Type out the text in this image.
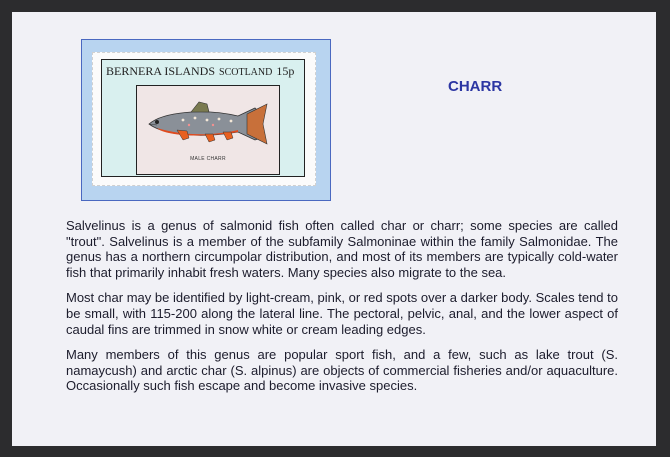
BERNERA ISLANDS SCOTLAND 15p
MALE CHARR
CHARR

Salvelinus is a genus of salmonid fish often called char or charr; some species are called "trout". Salvelinus is a member of the subfamily Salmoninae within the family Salmonidae. The genus has a northern circumpolar distribution, and most of its members are typically cold-water fish that primarily inhabit fresh waters. Many species also migrate to the sea.

Most char may be identified by light-cream, pink, or red spots over a darker body. Scales tend to be small, with 115-200 along the lateral line. The pectoral, pelvic, anal, and the lower aspect of caudal fins are trimmed in snow white or cream leading edges.

Many members of this genus are popular sport fish, and a few, such as lake trout (S. namaycush) and arctic char (S. alpinus) are objects of commercial fisheries and/or aquaculture. Occasionally such fish escape and become invasive species.
